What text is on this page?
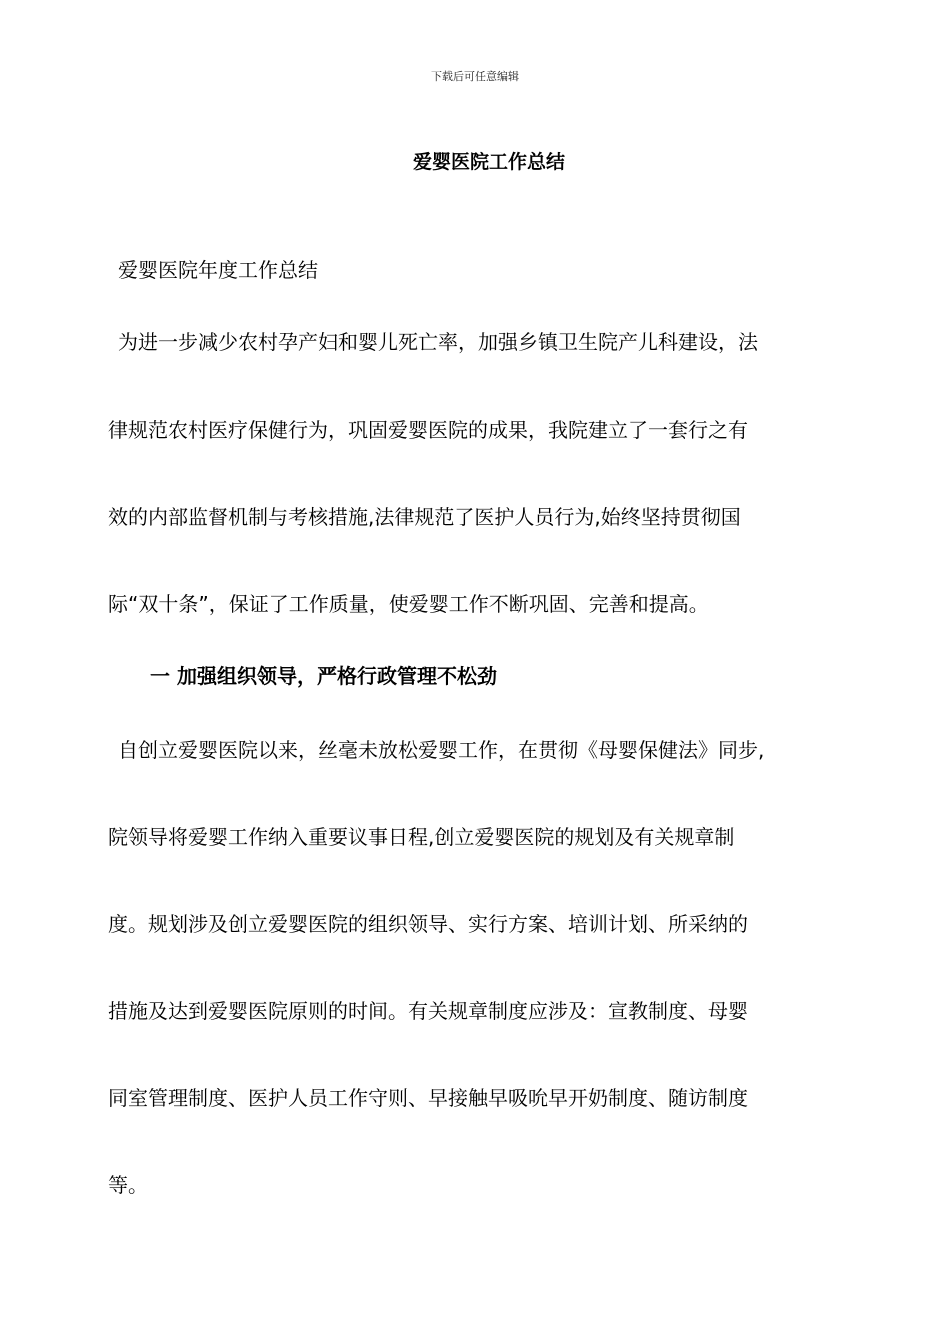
下载后可任意编辑
爱婴医院工作总结
爱婴医院年度工作总结
为进一步减少农村孕产妇和婴儿死亡率，加强乡镇卫生院产儿科建设，法
律规范农村医疗保健行为，巩固爱婴医院的成果，我院建立了一套行之有
效的内部监督机制与考核措施,法律规范了医护人员行为,始终坚持贯彻国
际“双十条”，保证了工作质量，使爱婴工作不断巩固、完善和提高。
一 加强组织领导，严格行政管理不松劲
自创立爱婴医院以来，丝毫未放松爱婴工作，在贯彻《母婴保健法》同步,
院领导将爱婴工作纳入重要议事日程,创立爱婴医院的规划及有关规章制
度。规划涉及创立爱婴医院的组织领导、实行方案、培训计划、所采纳的
措施及达到爱婴医院原则的时间。有关规章制度应涉及：宣教制度、母婴
同室管理制度、医护人员工作守则、早接触早吸吮早开奶制度、随访制度
等。
